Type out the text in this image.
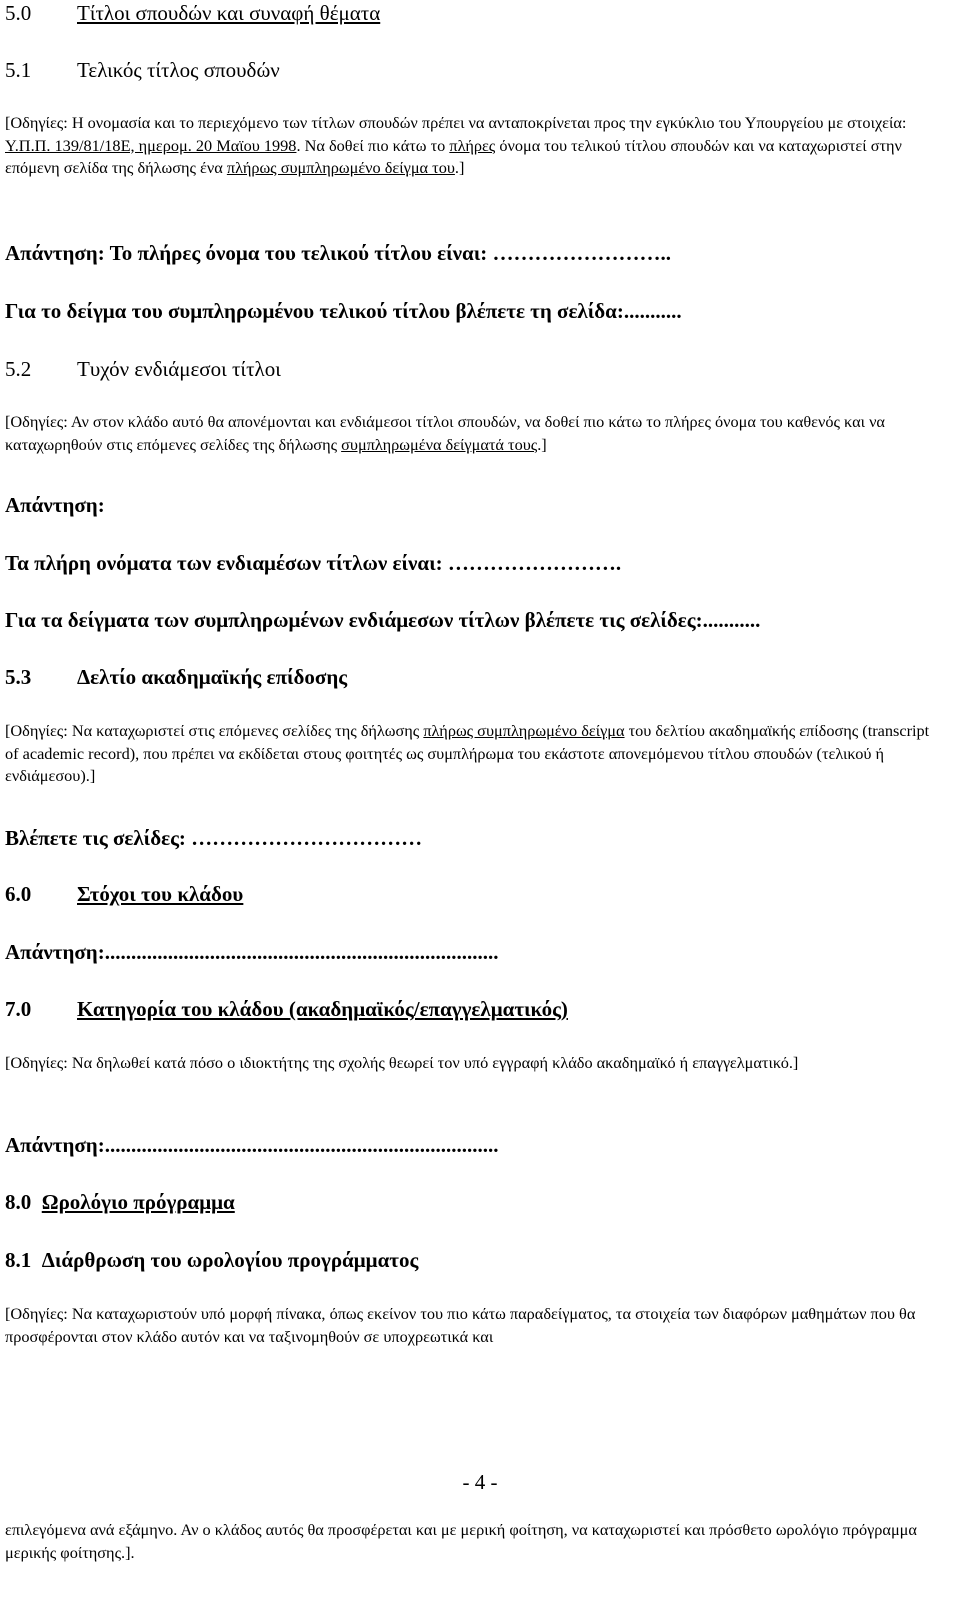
5.0 Τίτλοι σπουδών και συναφή θέματα
5.1 Τελικός τίτλος σπουδών
[Οδηγίες: Η ονομασία και το περιεχόμενο των τίτλων σπουδών πρέπει να ανταποκρίνεται προς την εγκύκλιο του Υπουργείου με στοιχεία: Υ.Π.Π. 139/81/18Ε, ημερομ. 20 Μαϊου 1998. Να δοθεί πιο κάτω το πλήρες όνομα του τελικού τίτλου σπουδών και να καταχωριστεί στην επόμενη σελίδα της δήλωσης ένα πλήρως συμπληρωμένο δείγμα του.]
Απάντηση: Το πλήρες όνομα του τελικού τίτλου είναι: ……………………..
Για το δείγμα του συμπληρωμένου τελικού τίτλου βλέπετε τη σελίδα:...........
5.2 Τυχόν ενδιάμεσοι τίτλοι
[Οδηγίες: Αν στον κλάδο αυτό θα απονέμονται και ενδιάμεσοι τίτλοι σπουδών, να δοθεί πιο κάτω το πλήρες όνομα του καθενός και να καταχωρηθούν στις επόμενες σελίδες της δήλωσης συμπληρωμένα δείγματά τους.]
Απάντηση:
Τα πλήρη ονόματα των ενδιαμέσων τίτλων είναι: …………………….
Για τα δείγματα των συμπληρωμένων ενδιάμεσων τίτλων βλέπετε τις σελίδες:...........
5.3 Δελτίο ακαδημαϊκής επίδοσης
[Οδηγίες: Να καταχωριστεί στις επόμενες σελίδες της δήλωσης πλήρως συμπληρωμένο δείγμα του δελτίου ακαδημαϊκής επίδοσης (transcript of academic record), που πρέπει να εκδίδεται στους φοιτητές ως συμπλήρωμα του εκάστοτε απονεμόμενου τίτλου σπουδών (τελικού ή ενδιάμεσου).]
Βλέπετε τις σελίδες: ……………………………
6.0 Στόχοι του κλάδου
Απάντηση:...........................................................................
7.0 Κατηγορία του κλάδου (ακαδημαϊκός/επαγγελματικός)
[Οδηγίες: Να δηλωθεί κατά πόσο ο ιδιοκτήτης της σχολής θεωρεί τον υπό εγγραφή κλάδο ακαδημαϊκό ή επαγγελματικό.]
Απάντηση:...........................................................................
8.0 Ωρολόγιο πρόγραμμα
8.1 Διάρθρωση του ωρολογίου προγράμματος
[Οδηγίες: Να καταχωριστούν υπό μορφή πίνακα, όπως εκείνον του πιο κάτω παραδείγματος, τα στοιχεία των διαφόρων μαθημάτων που θα προσφέρονται στον κλάδο αυτόν και να ταξινομηθούν σε υποχρεωτικά και
- 4 -
επιλεγόμενα ανά εξάμηνο. Αν ο κλάδος αυτός θα προσφέρεται και με μερική φοίτηση, να καταχωριστεί και πρόσθετο ωρολόγιο πρόγραμμα μερικής φοίτησης.].
